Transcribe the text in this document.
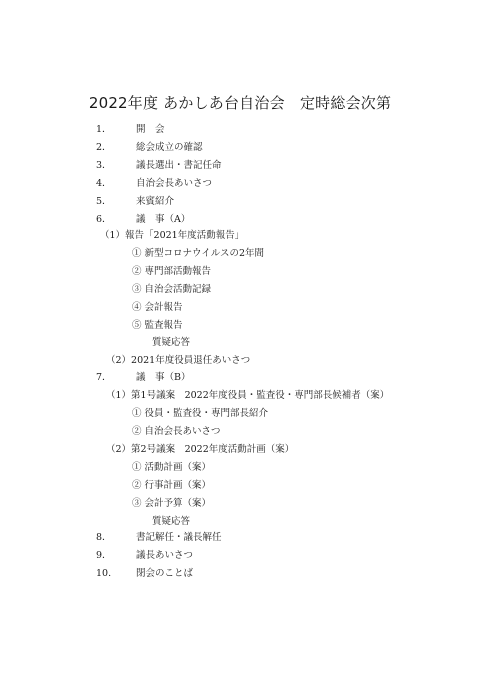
2022年度 あかしあ台自治会　定時総会次第
1．	開　会
2．	総会成立の確認
3．	議長選出・書記任命
4．	自治会長あいさつ
5．	来賓紹介
6．	議　事（A）
（1）報告「2021年度活動報告」
① 新型コロナウイルスの2年間
② 専門部活動報告
③ 自治会活動記録
④ 会計報告
⑤ 監査報告
質疑応答
（2）2021年度役員退任あいさつ
7．	議　事（B）
（1）第1号議案　2022年度役員・監査役・専門部長候補者（案）
① 役員・監査役・専門部長紹介
② 自治会長あいさつ
（2）第2号議案　2022年度活動計画（案）
① 活動計画（案）
② 行事計画（案）
③ 会計予算（案）
質疑応答
8．	書記解任・議長解任
9．	議長あいさつ
10.	閉会のことば
